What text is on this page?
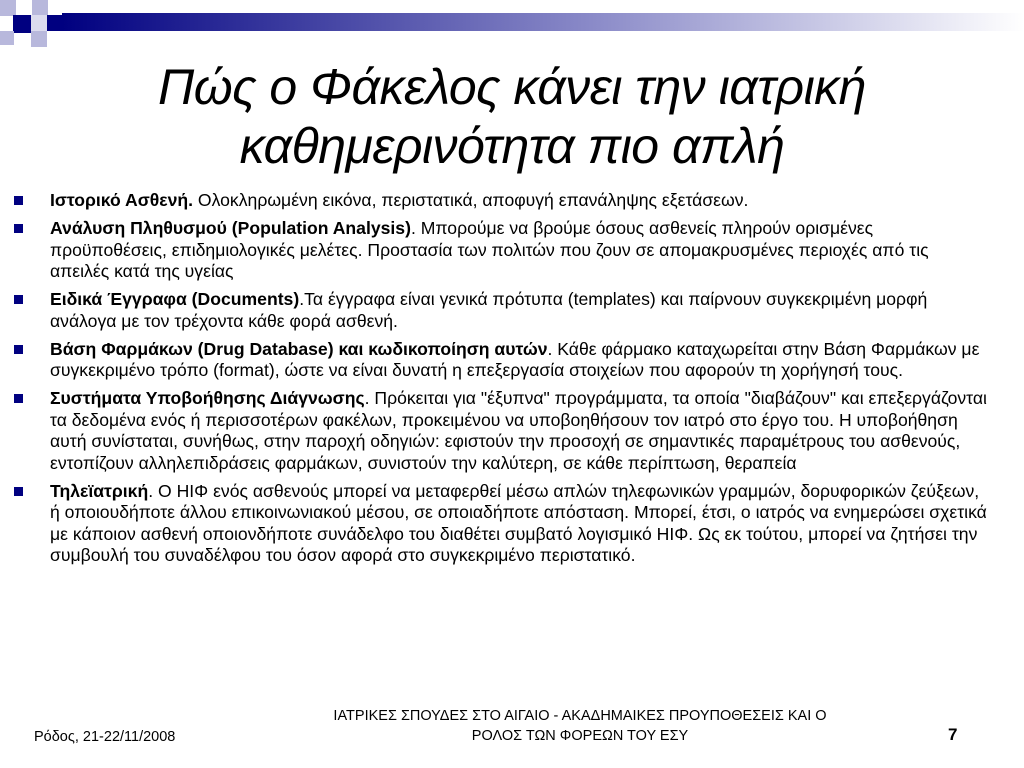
Πώς ο Φάκελος κάνει την ιατρική
καθημερινότητα πιο απλή
Ιστορικό Ασθενή. Ολοκληρωμένη εικόνα, περιστατικά, αποφυγή επανάληψης εξετάσεων.
Ανάλυση Πληθυσμού (Population Analysis). Μπορούμε να βρούμε όσους ασθενείς πληρούν ορισμένες προϋποθέσεις, επιδημιολογικές μελέτες. Προστασία των πολιτών που ζουν σε απομακρυσμένες περιοχές από τις απειλές κατά της υγείας
Ειδικά Έγγραφα (Documents).Τα έγγραφα είναι γενικά πρότυπα (templates) και παίρνουν συγκεκριμένη μορφή ανάλογα με τον τρέχοντα κάθε φορά ασθενή.
Βάση Φαρμάκων (Drug Database) και κωδικοποίηση αυτών. Κάθε φάρμακο καταχωρείται στην Βάση Φαρμάκων με συγκεκριμένο τρόπο (format), ώστε να είναι δυνατή η επεξεργασία στοιχείων που αφορούν τη χορήγησή τους.
Συστήματα Υποβοήθησης Διάγνωσης. Πρόκειται για "έξυπνα" προγράμματα, τα οποία "διαβάζουν" και επεξεργάζονται τα δεδομένα ενός ή περισσοτέρων φακέλων, προκειμένου να υποβοηθήσουν τον ιατρό στο έργο του. Η υποβοήθηση αυτή συνίσταται, συνήθως, στην παροχή οδηγιών: εφιστούν την προσοχή σε σημαντικές παραμέτρους του ασθενούς, εντοπίζουν αλληλεπιδράσεις φαρμάκων, συνιστούν την καλύτερη, σε κάθε περίπτωση, θεραπεία
Τηλεϊατρική. Ο ΗΙΦ ενός ασθενούς μπορεί να μεταφερθεί μέσω απλών τηλεφωνικών γραμμών, δορυφορικών ζεύξεων, ή οποιουδήποτε άλλου επικοινωνιακού μέσου, σε οποιαδήποτε απόσταση. Μπορεί, έτσι, ο ιατρός να ενημερώσει σχετικά με κάποιον ασθενή οποιονδήποτε συνάδελφο του διαθέτει συμβατό λογισμικό ΗΙΦ. Ως εκ τούτου, μπορεί να ζητήσει την συμβουλή του συναδέλφου του όσον αφορά στο συγκεκριμένο περιστατικό.
Ρόδος, 21-22/11/2008
ΙΑΤΡΙΚΕΣ ΣΠΟΥΔΕΣ ΣΤΟ ΑΙΓΑΙΟ - ΑΚΑΔΗΜΑΙΚΕΣ ΠΡΟΥΠΟΘΕΣΕΙΣ ΚΑΙ Ο
ΡΟΛΟΣ ΤΩΝ ΦΟΡΕΩΝ ΤΟΥ ΕΣΥ	7
